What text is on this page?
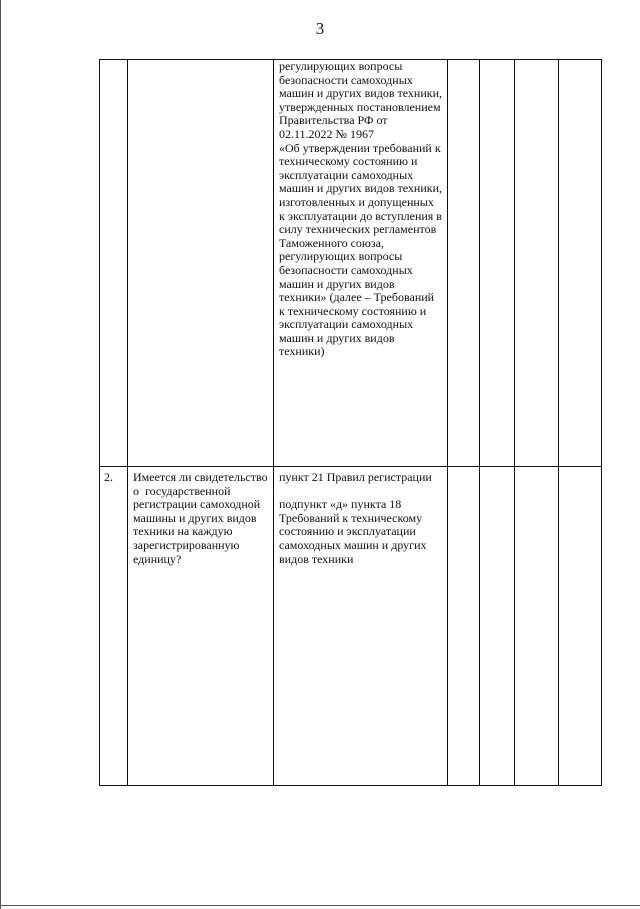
3
регулирующих вопросы
безопасности самоходных
машин и других видов техники,
утвержденных постановлением
Правительства РФ от
02.11.2022 № 1967
«Об утверждении требований к
техническому состоянию и
эксплуатации самоходных
машин и других видов техники,
изготовленных и допущенных
к эксплуатации до вступления в
силу технических регламентов
Таможенного союза,
регулирующих вопросы
безопасности самоходных
машин и других видов
техники» (далее – Требований
к техническому состоянию и
эксплуатации самоходных
машин и других видов
техники)
2.	Имеется ли свидетельство
о  государственной
регистрации самоходной
машины и других видов
техники на каждую
зарегистрированную
единицу?
пункт 21 Правил регистрации
подпункт «д» пункта 18
Требований к техническому
состоянию и эксплуатации
самоходных машин и других
видов техники
